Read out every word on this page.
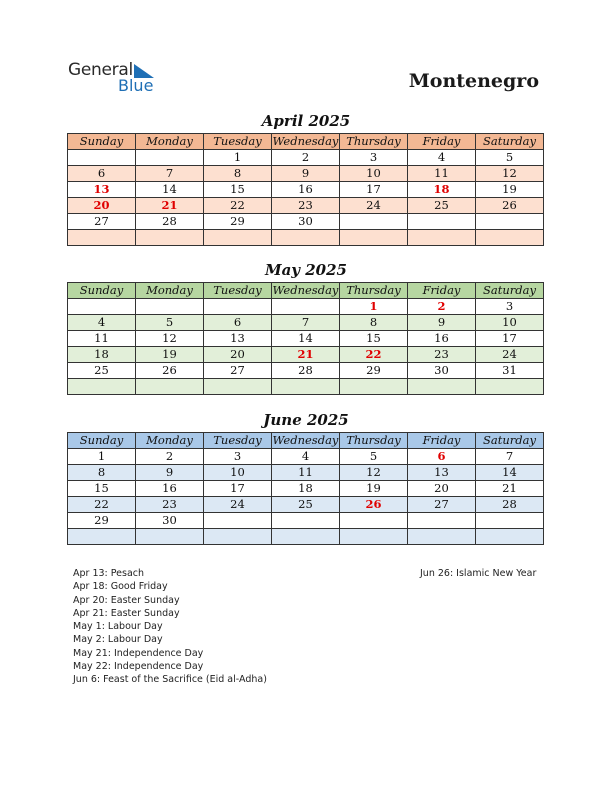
General
Blue	Montenegro
April 2025
Sunday	Monday	Tuesday	Wednesday	Thursday	Friday	Saturday
		1	2	3	4	5
6	7	8	9	10	11	12
13	14	15	16	17	18	19
20	21	22	23	24	25	26
27	28	29	30			

May 2025
Sunday	Monday	Tuesday	Wednesday	Thursday	Friday	Saturday
				1	2	3
4	5	6	7	8	9	10
11	12	13	14	15	16	17
18	19	20	21	22	23	24
25	26	27	28	29	30	31

June 2025
Sunday	Monday	Tuesday	Wednesday	Thursday	Friday	Saturday
1	2	3	4	5	6	7
8	9	10	11	12	13	14
15	16	17	18	19	20	21
22	23	24	25	26	27	28
29	30					

Apr 13: Pesach
Apr 18: Good Friday
Apr 20: Easter Sunday
Apr 21: Easter Sunday
May 1: Labour Day
May 2: Labour Day
May 21: Independence Day
May 22: Independence Day
Jun 6: Feast of the Sacrifice (Eid al-Adha)
Jun 26: Islamic New Year
